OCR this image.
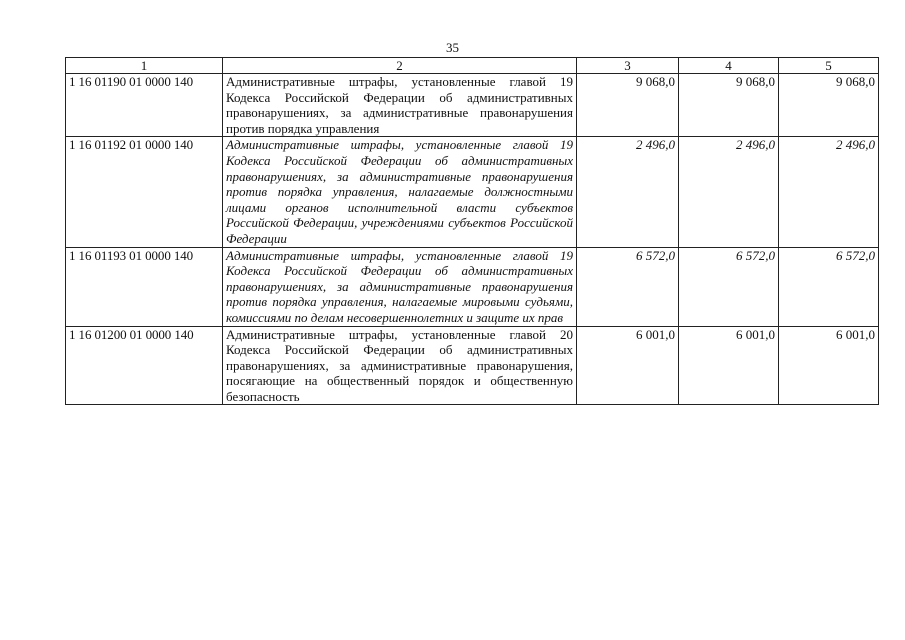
35
1	2	3	4	5
1 16 01190 01 0000 140	Административные штрафы, установленные главой 19 Кодекса Российской Федерации об административных правонарушениях, за административные правонарушения против порядка управления	9 068,0	9 068,0	9 068,0
1 16 01192 01 0000 140	Административные штрафы, установленные главой 19 Кодекса Российской Федерации об административных правонарушениях, за административные правонарушения против порядка управления, налагаемые должностными лицами органов исполнительной власти субъектов Российской Федерации, учреждениями субъектов Российской Федерации	2 496,0	2 496,0	2 496,0
1 16 01193 01 0000 140	Административные штрафы, установленные главой 19 Кодекса Российской Федерации об административных правонарушениях, за административные правонарушения против порядка управления, налагаемые мировыми судьями, комиссиями по делам несовершеннолетних и защите их прав	6 572,0	6 572,0	6 572,0
1 16 01200 01 0000 140	Административные штрафы, установленные главой 20 Кодекса Российской Федерации об административных правонарушениях, за административные правонарушения, посягающие на общественный порядок и общественную безопасность	6 001,0	6 001,0	6 001,0
